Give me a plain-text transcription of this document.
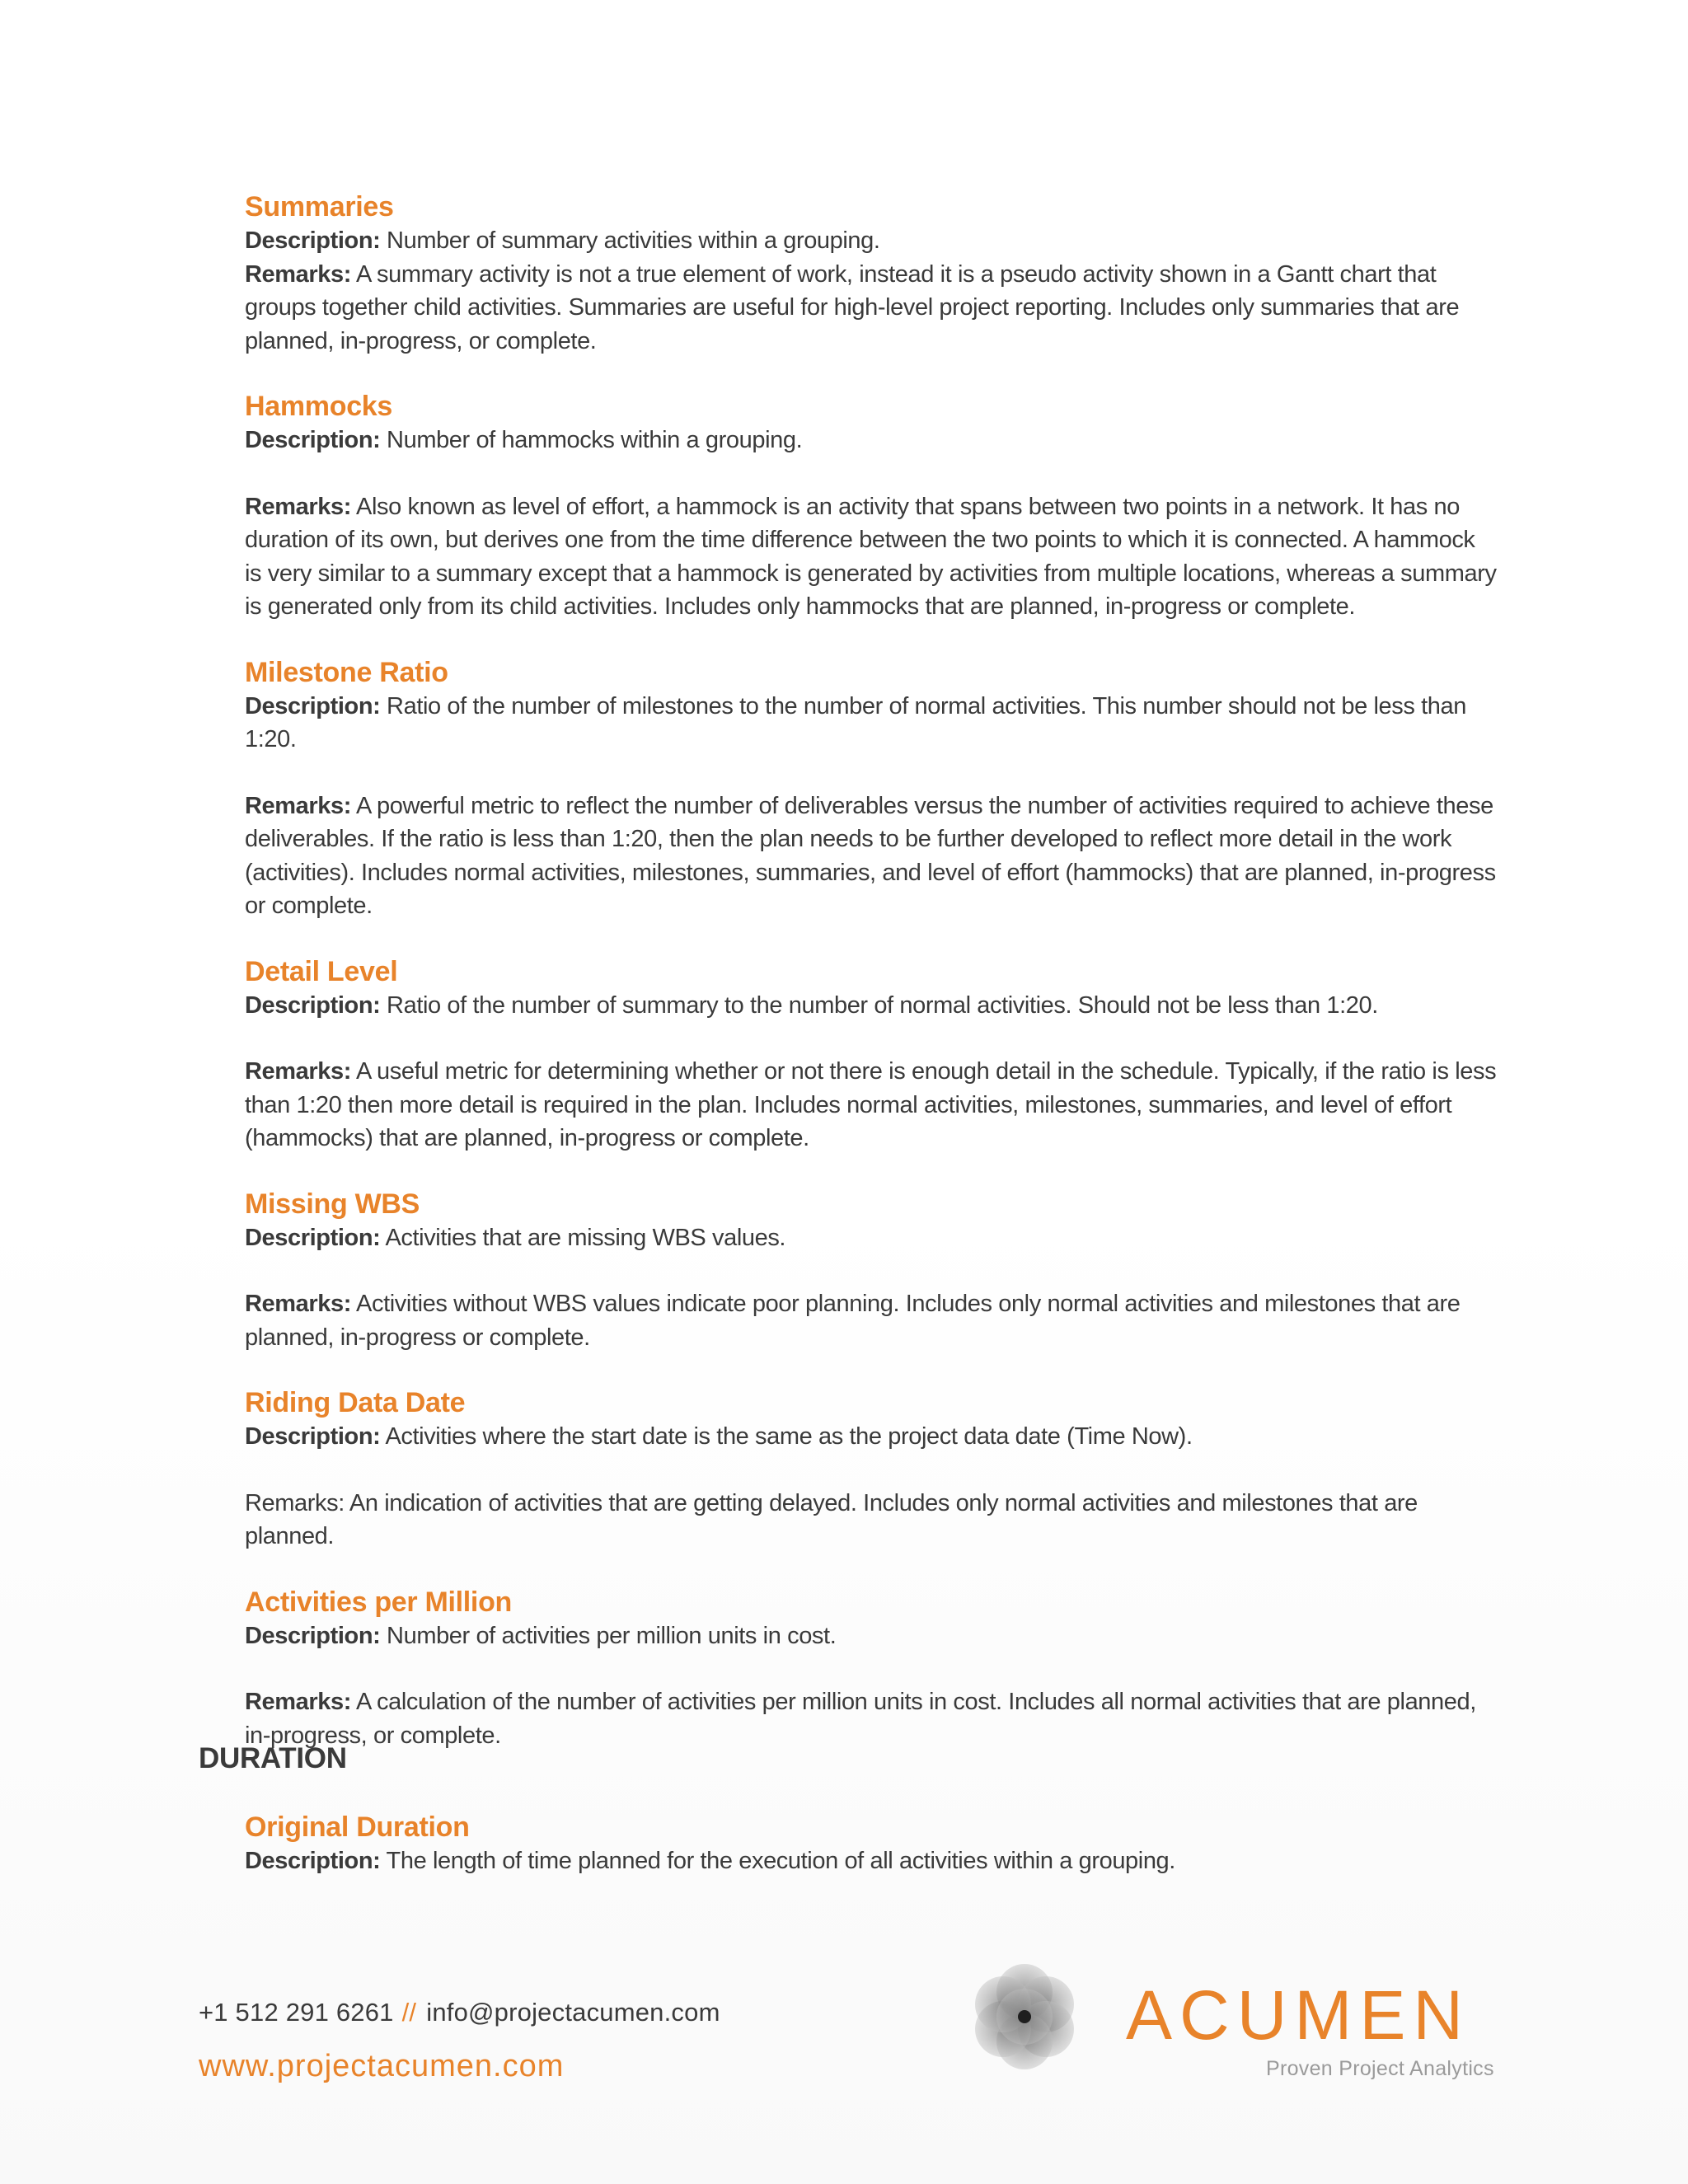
Summaries

Description: Number of summary activities within a grouping.

Remarks: A summary activity is not a true element of work, instead it is a pseudo activity shown in a Gantt chart that groups together child activities. Summaries are useful for high-level project reporting. Includes only summaries that are planned, in-progress, or complete.

Hammocks

Description: Number of hammocks within a grouping.

Remarks: Also known as level of effort, a hammock is an activity that spans between two points in a network. It has no duration of its own, but derives one from the time difference between the two points to which it is connected. A hammock is very similar to a summary except that a hammock is generated by activities from multiple locations, whereas a summary is generated only from its child activities. Includes only hammocks that are planned, in-progress or complete.

Milestone Ratio

Description: Ratio of the number of milestones to the number of normal activities. This number should not be less than 1:20.

Remarks: A powerful metric to reflect the number of deliverables versus the number of activities required to achieve these deliverables. If the ratio is less than 1:20, then the plan needs to be further developed to reflect more detail in the work (activities). Includes normal activities, milestones, summaries, and level of effort (hammocks) that are planned, in-progress or complete.

Detail Level

Description: Ratio of the number of summary to the number of normal activities. Should not be less than 1:20.

Remarks: A useful metric for determining whether or not there is enough detail in the schedule. Typically, if the ratio is less than 1:20 then more detail is required in the plan. Includes normal activities, milestones, summaries, and level of effort (hammocks) that are planned, in-progress or complete.

Missing WBS

Description: Activities that are missing WBS values.

Remarks: Activities without WBS values indicate poor planning. Includes only normal activities and milestones that are planned, in-progress or complete.

Riding Data Date

Description: Activities where the start date is the same as the project data date (Time Now).

Remarks: An indication of activities that are getting delayed. Includes only normal activities and milestones that are planned.

Activities per Million

Description: Number of activities per million units in cost.

Remarks: A calculation of the number of activities per million units in cost. Includes all normal activities that are planned, in-progress, or complete.

DURATION
Original Duration

Description: The length of time planned for the execution of all activities within a grouping.

+1 512 291 6261 // info@projectacumen.com
www.projectacumen.com
ACUMEN
Proven Project Analytics
